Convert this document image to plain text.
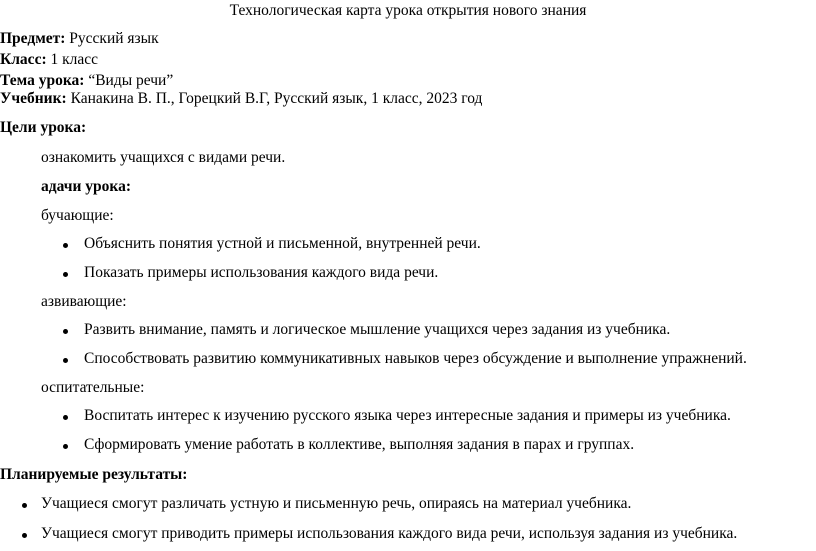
Технологическая карта урока открытия нового знания
Предмет: Русский язык
Класс: 1 класс
Тема урока: “Виды речи”
Учебник: Канакина В. П., Горецкий В.Г, Русский язык, 1 класс, 2023 год
Цели урока:
ознакомить учащихся с видами речи.
адачи урока:
бучающие:
Объяснить понятия устной и письменной, внутренней речи.
Показать примеры использования каждого вида речи.
азвивающие:
Развить внимание, память и логическое мышление учащихся через задания из учебника.
Способствовать развитию коммуникативных навыков через обсуждение и выполнение упражнений.
оспитательные:
Воспитать интерес к изучению русского языка через интересные задания и примеры из учебника.
Сформировать умение работать в коллективе, выполняя задания в парах и группах.
Планируемые результаты:
Учащиеся смогут различать устную и письменную речь, опираясь на материал учебника.
Учащиеся смогут приводить примеры использования каждого вида речи, используя задания из учебника.
